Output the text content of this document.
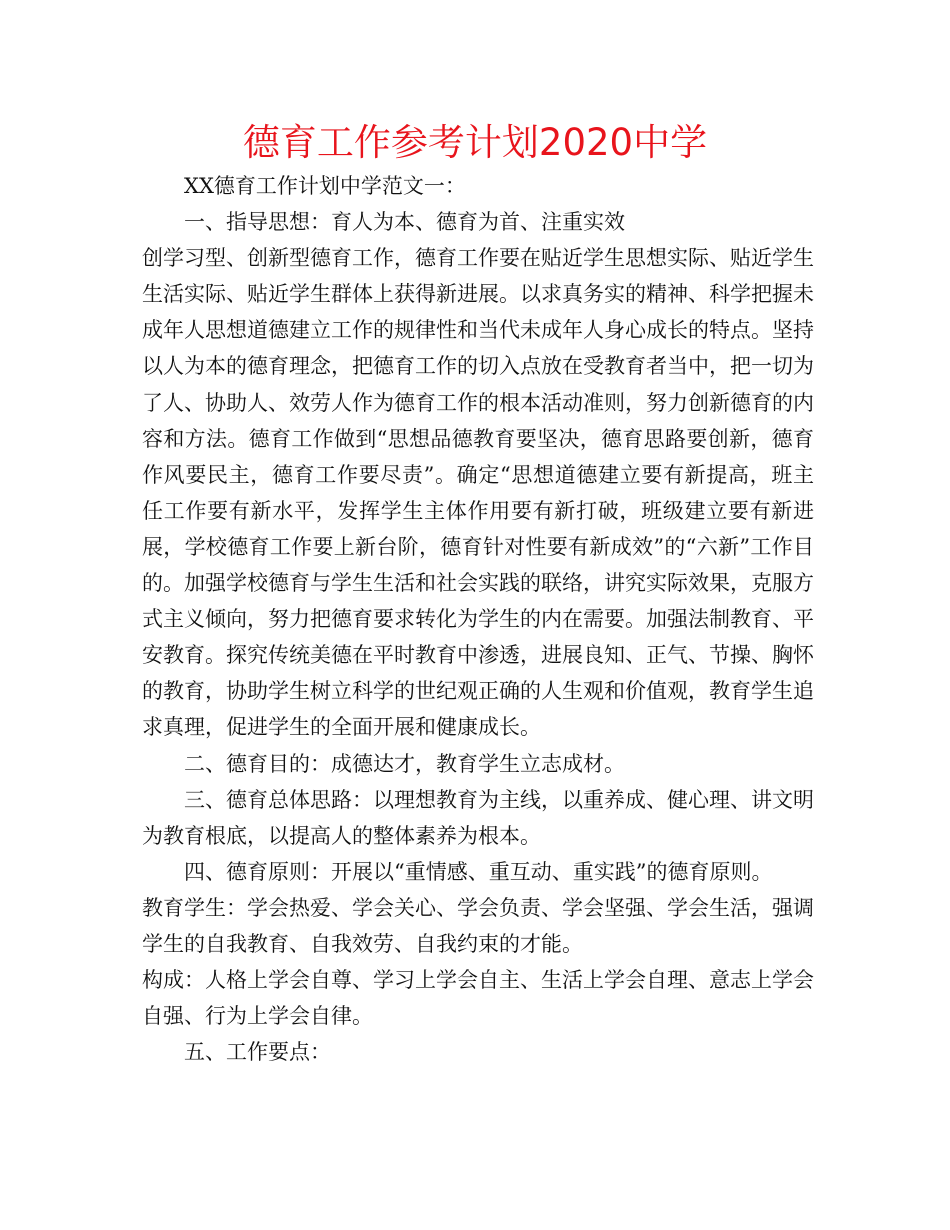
德育工作参考计划2020中学

XX德育工作计划中学范文一：

一、指导思想：育人为本、德育为首、注重实效

创学习型、创新型德育工作，德育工作要在贴近学生思想实际、贴近学生生活实际、贴近学生群体上获得新进展。以求真务实的精神、科学把握未成年人思想道德建立工作的规律性和当代未成年人身心成长的特点。坚持以人为本的德育理念，把德育工作的切入点放在受教育者当中，把一切为了人、协助人、效劳人作为德育工作的根本活动准则，努力创新德育的内容和方法。德育工作做到“思想品德教育要坚决，德育思路要创新，德育作风要民主，德育工作要尽责”。确定“思想道德建立要有新提高，班主任工作要有新水平，发挥学生主体作用要有新打破，班级建立要有新进展，学校德育工作要上新台阶，德育针对性要有新成效”的“六新”工作目的。加强学校德育与学生生活和社会实践的联络，讲究实际效果，克服方式主义倾向，努力把德育要求转化为学生的内在需要。加强法制教育、平安教育。探究传统美德在平时教育中渗透，进展良知、正气、节操、胸怀的教育，协助学生树立科学的世纪观正确的人生观和价值观，教育学生追求真理，促进学生的全面开展和健康成长。

二、德育目的：成德达才，教育学生立志成材。

三、德育总体思路：以理想教育为主线，以重养成、健心理、讲文明为教育根底，以提高人的整体素养为根本。

四、德育原则：开展以“重情感、重互动、重实践”的德育原则。

教育学生：学会热爱、学会关心、学会负责、学会坚强、学会生活，强调学生的自我教育、自我效劳、自我约束的才能。

构成：人格上学会自尊、学习上学会自主、生活上学会自理、意志上学会自强、行为上学会自律。

五、工作要点：
